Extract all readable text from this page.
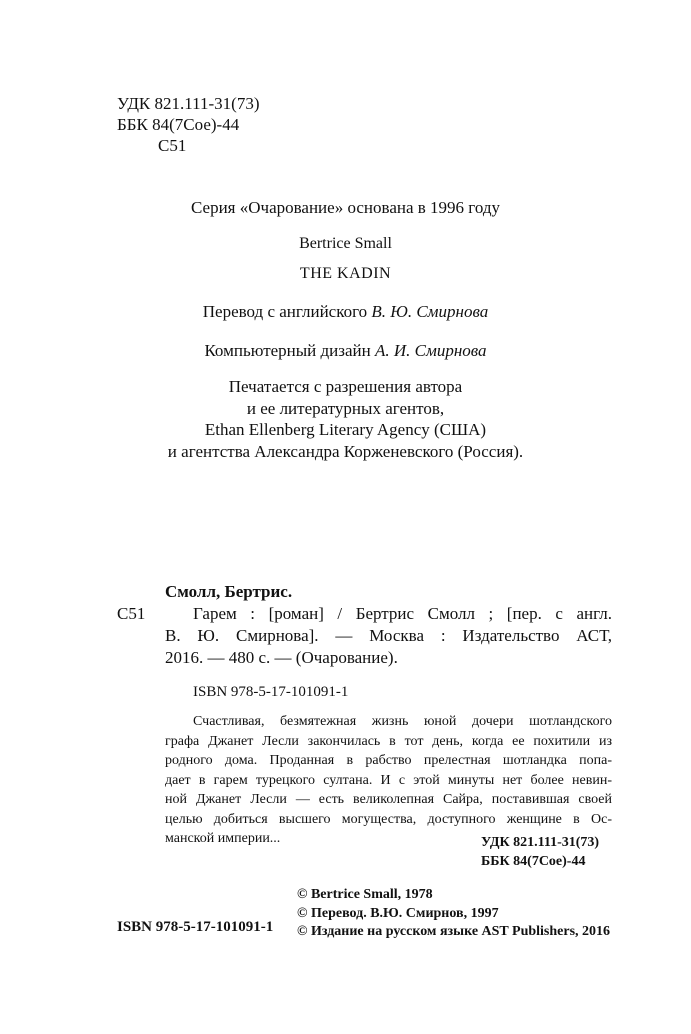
УДК 821.111-31(73)
ББК 84(7Сое)-44
С51
Серия «Очарование» основана в 1996 году
Bertrice Small
THE KADIN
Перевод с английского В. Ю. Смирнова
Компьютерный дизайн А. И. Смирнова
Печатается с разрешения автора
и ее литературных агентов,
Ethan Ellenberg Literary Agency (США)
и агентства Александра Корженевского (Россия).
Смолл, Бертрис.
С51	Гарем : [роман] / Бертрис Смолл ; [пер. с англ.
В. Ю. Смирнова]. — Москва : Издательство АСТ,
2016. — 480 с. — (Очарование).
ISBN 978-5-17-101091-1
Счастливая, безмятежная жизнь юной дочери шотландского
графа Джанет Лесли закончилась в тот день, когда ее похитили из
родного дома. Проданная в рабство прелестная шотландка попа-
дает в гарем турецкого султана. И с этой минуты нет более невин-
ной Джанет Лесли — есть великолепная Сайра, поставившая своей
целью добиться высшего могущества, доступного женщине в Ос-
манской империи...	УДК 821.111-31(73)
ББК 84(7Сое)-44
ISBN 978-5-17-101091-1
© Bertrice Small, 1978
© Перевод. В.Ю. Смирнов, 1997
© Издание на русском языке AST Publishers, 2016
